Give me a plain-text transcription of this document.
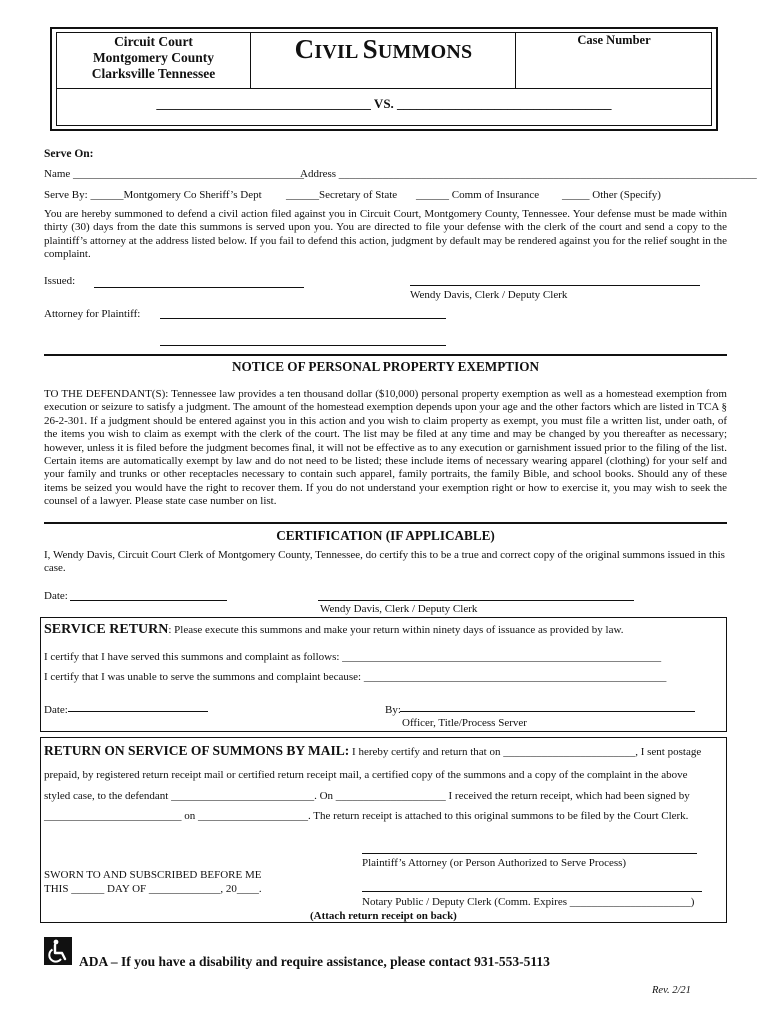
Circuit Court
Montgomery County
Clarksville Tennessee
CIVIL SUMMONS
Case Number
_________________________________ VS. _________________________________
Serve On:
Name __________________________________________
Address ____________________________________________________________________________
Serve By: ______Montgomery Co Sheriff’s Dept ______Secretary of State ______ Comm of Insurance _____ Other (Specify)
You are hereby summoned to defend a civil action filed against you in Circuit Court, Montgomery County, Tennessee. Your defense must be made within thirty (30) days from the date this summons is served upon you. You are directed to file your defense with the clerk of the court and send a copy to the plaintiff’s attorney at the address listed below. If you fail to defend this action, judgment by default may be rendered against you for the relief sought in the complaint.
Issued:
Wendy Davis, Clerk / Deputy Clerk
Attorney for Plaintiff:
NOTICE OF PERSONAL PROPERTY EXEMPTION
TO THE DEFENDANT(S): Tennessee law provides a ten thousand dollar ($10,000) personal property exemption as well as a homestead exemption from execution or seizure to satisfy a judgment. The amount of the homestead exemption depends upon your age and the other factors which are listed in TCA § 26-2-301. If a judgment should be entered against you in this action and you wish to claim property as exempt, you must file a written list, under oath, of the items you wish to claim as exempt with the clerk of the court. The list may be filed at any time and may be changed by you thereafter as necessary; however, unless it is filed before the judgment becomes final, it will not be effective as to any execution or garnishment issued prior to the filing of the list. Certain items are automatically exempt by law and do not need to be listed; these include items of necessary wearing apparel (clothing) for your self and your family and trunks or other receptacles necessary to contain such apparel, family portraits, the family Bible, and school books. Should any of these items be seized you would have the right to recover them. If you do not understand your exemption right or how to exercise it, you may wish to seek the counsel of a lawyer. Please state case number on list.
CERTIFICATION (IF APPLICABLE)
I, Wendy Davis, Circuit Court Clerk of Montgomery County, Tennessee, do certify this to be a true and correct copy of the original summons issued in this case.
Date:
Wendy Davis, Clerk / Deputy Clerk
SERVICE RETURN: Please execute this summons and make your return within ninety days of issuance as provided by law.
I certify that I have served this summons and complaint as follows: __________________________________________________________
I certify that I was unable to serve the summons and complaint because: _______________________________________________________
Date:	By:
Officer, Title/Process Server
RETURN ON SERVICE OF SUMMONS BY MAIL: I hereby certify and return that on ________________________, I sent postage
prepaid, by registered return receipt mail or certified return receipt mail, a certified copy of the summons and a copy of the complaint in the above
styled case, to the defendant __________________________. On ____________________ I received the return receipt, which had been signed by
_________________________ on ____________________. The return receipt is attached to this original summons to be filed by the Court Clerk.
Plaintiff’s Attorney (or Person Authorized to Serve Process)
SWORN TO AND SUBSCRIBED BEFORE ME
THIS ______ DAY OF _____________, 20____.
Notary Public / Deputy Clerk (Comm. Expires ______________________)
(Attach return receipt on back)
ADA – If you have a disability and require assistance, please contact 931-553-5113
Rev. 2/21
